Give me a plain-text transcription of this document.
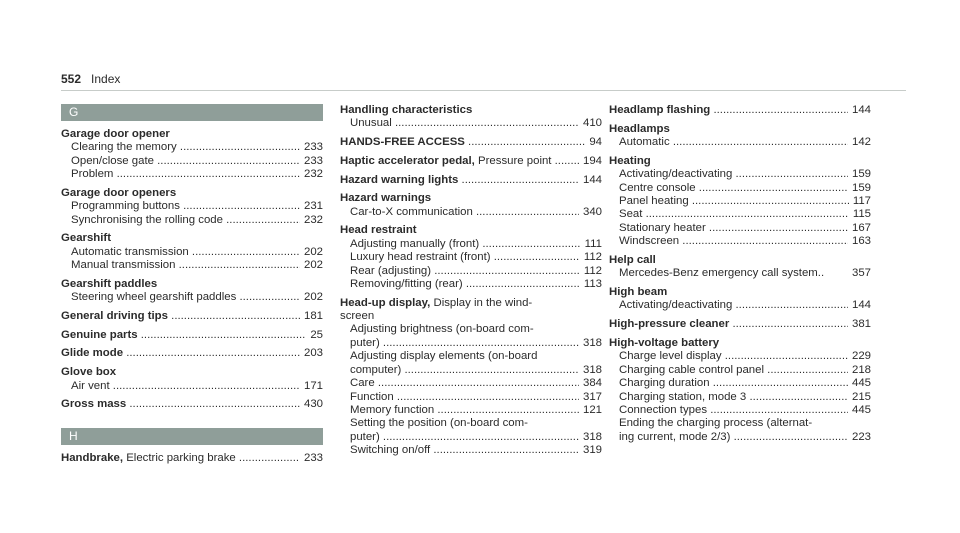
552 Index
G
Garage door opener
Clearing the memory .....	233
Open/close gate .....	233
Problem .....	232
Garage door openers
Programming buttons .....	231
Synchronising the rolling code .....	232
Gearshift
Automatic transmission .....	202
Manual transmission .....	202
Gearshift paddles
Steering wheel gearshift paddles .....	202
General driving tips .....	181
Genuine parts .....	25
Glide mode .....	203
Glove box
Air vent .....	171
Gross mass .....	430
H
Handbrake, Electric parking brake .....	233
Handling characteristics
Unusual .....	410
HANDS-FREE ACCESS .....	94
Haptic accelerator pedal, Pressure point .....	194
Hazard warning lights .....	144
Hazard warnings
Car-to-X communication .....	340
Head restraint
Adjusting manually (front) .....	111
Luxury head restraint (front) .....	112
Rear (adjusting) .....	112
Removing/fitting (rear) .....	113
Head-up display, Display in the wind-
screen
Adjusting brightness (on-board com-
puter) .....	318
Adjusting display elements (on-board
computer) .....	318
Care .....	384
Function .....	317
Memory function .....	121
Setting the position (on-board com-
puter) .....	318
Switching on/off .....	319
Headlamp flashing .....	144
Headlamps
Automatic .....	142
Heating
Activating/deactivating .....	159
Centre console .....	159
Panel heating .....	117
Seat .....	115
Stationary heater .....	167
Windscreen .....	163
Help call
Mercedes-Benz emergency call system..	357
High beam
Activating/deactivating .....	144
High-pressure cleaner .....	381
High-voltage battery
Charge level display .....	229
Charging cable control panel .....	218
Charging duration .....	445
Charging station, mode 3 .....	215
Connection types .....	445
Ending the charging process (alternat-
ing current, mode 2/3) .....	223
